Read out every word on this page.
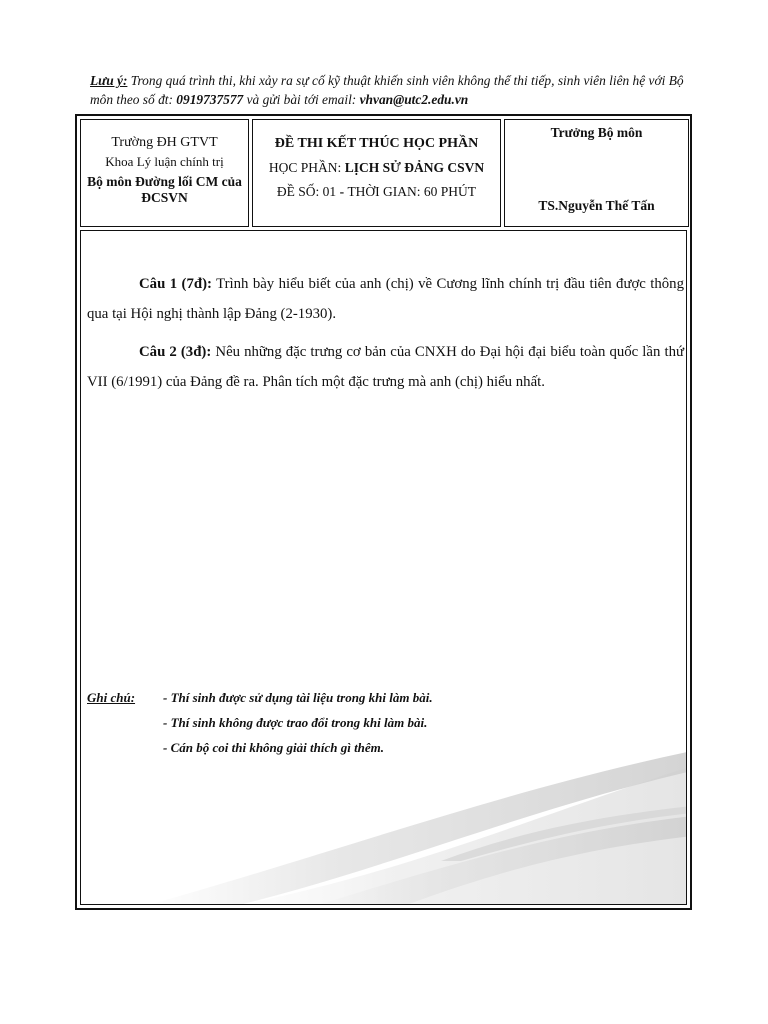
Lưu ý: Trong quá trình thi, khi xảy ra sự cố kỹ thuật khiến sinh viên không thể thi tiếp, sinh viên liên hệ với Bộ môn theo số đt: 0919737577 và gửi bài tới email: vhvan@utc2.edu.vn
Trường ĐH GTVT
Khoa Lý luận chính trị
Bộ môn Đường lối CM của ĐCSVN
ĐỀ THI KẾT THÚC HỌC PHẦN
HỌC PHẦN: LỊCH SỬ ĐẢNG CSVN
ĐỀ SỐ: 01 - THỜI GIAN: 60 PHÚT
Trưởng Bộ môn
TS.Nguyễn Thế Tấn
Câu 1 (7đ): Trình bày hiểu biết của anh (chị) về Cương lĩnh chính trị đầu tiên được thông qua tại Hội nghị thành lập Đảng (2-1930).
Câu 2 (3đ): Nêu những đặc trưng cơ bản của CNXH do Đại hội đại biểu toàn quốc lần thứ VII (6/1991) của Đảng đề ra. Phân tích một đặc trưng mà anh (chị) hiểu nhất.
Ghi chú: - Thí sinh được sử dụng tài liệu trong khi làm bài.
- Thí sinh không được trao đổi trong khi làm bài.
- Cán bộ coi thi không giải thích gì thêm.
